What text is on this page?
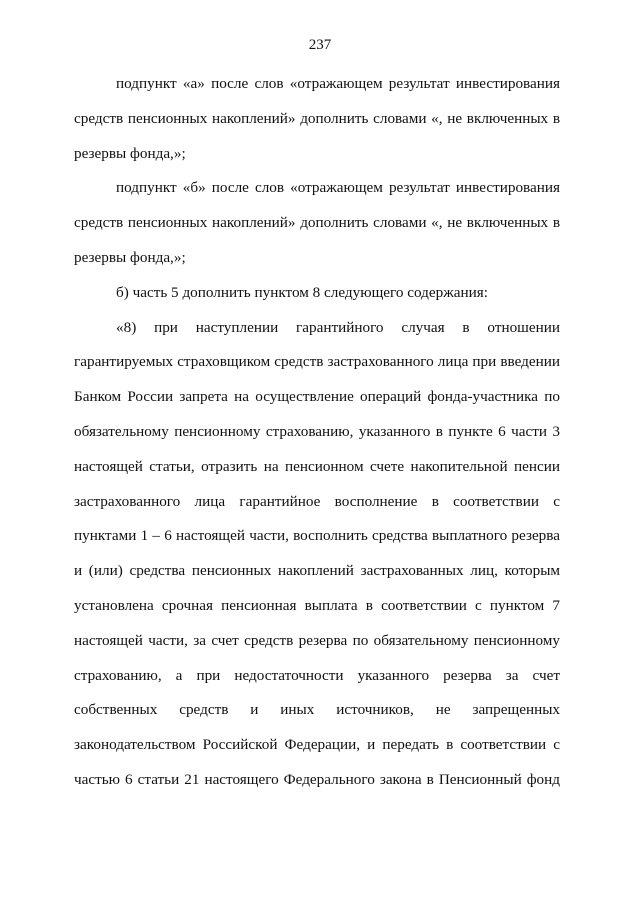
237

подпункт «а» после слов «отражающем результат инвестирования средств пенсионных накоплений» дополнить словами «, не включенных в резервы фонда,»;

подпункт «б» после слов «отражающем результат инвестирования средств пенсионных накоплений» дополнить словами «, не включенных в резервы фонда,»;

б) часть 5 дополнить пунктом 8 следующего содержания:

«8) при наступлении гарантийного случая в отношении гарантируемых страховщиком средств застрахованного лица при введении Банком России запрета на осуществление операций фонда-участника по обязательному пенсионному страхованию, указанного в пункте 6 части 3 настоящей статьи, отразить на пенсионном счете накопительной пенсии застрахованного лица гарантийное восполнение в соответствии с пунктами 1 – 6 настоящей части, восполнить средства выплатного резерва и (или) средства пенсионных накоплений застрахованных лиц, которым установлена срочная пенсионная выплата в соответствии с пунктом 7 настоящей части, за счет средств резерва по обязательному пенсионному страхованию, а при недостаточности указанного резерва за счет собственных средств и иных источников, не запрещенных законодательством Российской Федерации, и передать в соответствии с частью 6 статьи 21 настоящего Федерального закона в Пенсионный фонд
